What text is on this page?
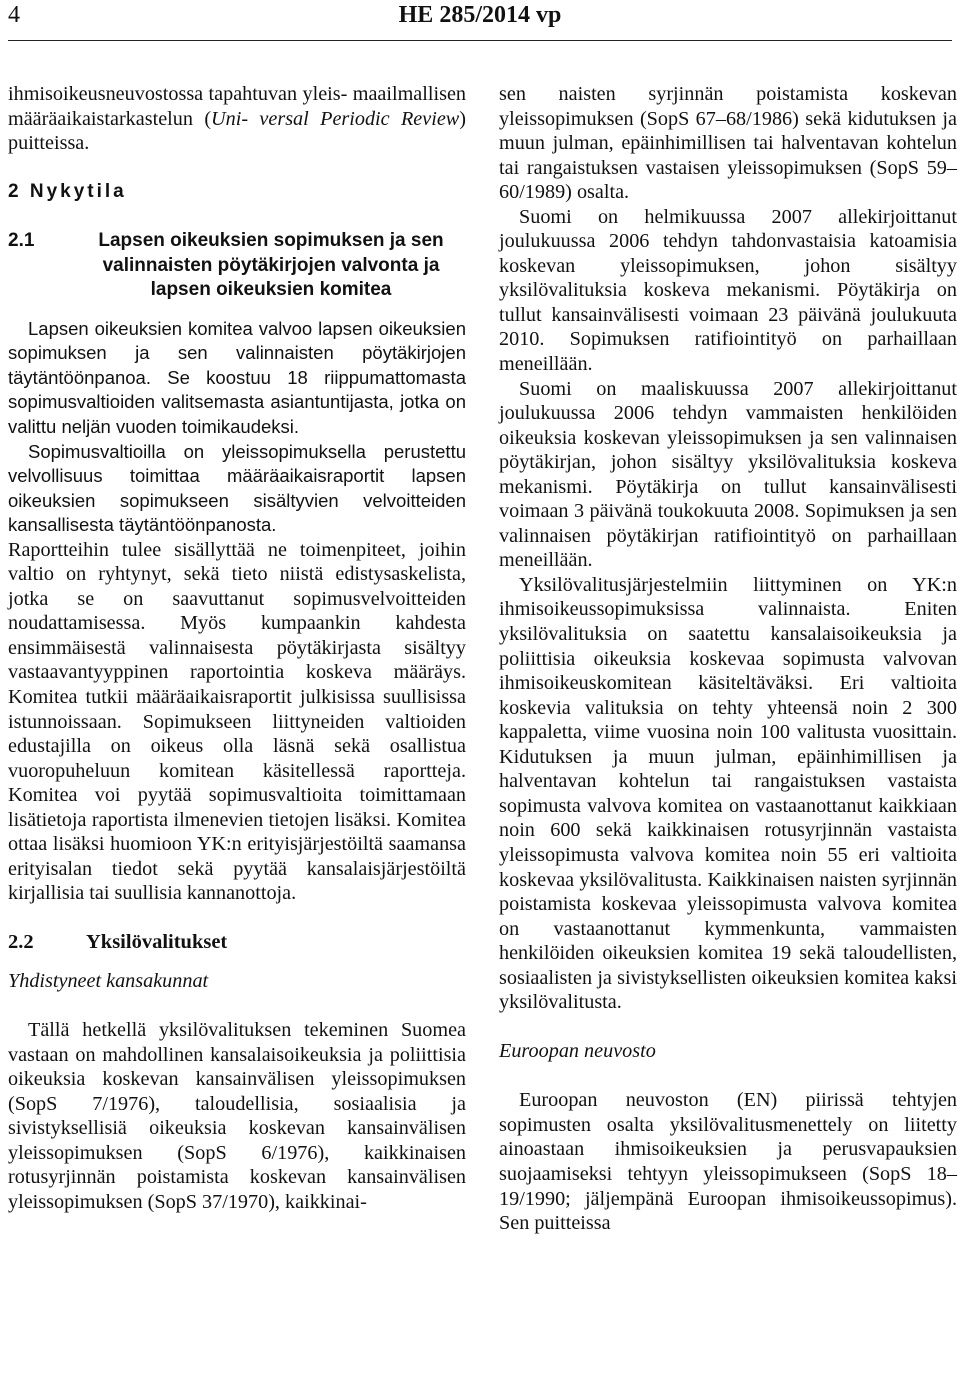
4	HE 285/2014 vp
ihmisoikeusneuvostossa tapahtuvan yleis- maailmallisen määräaikaistarkastelun (Uni- versal Periodic Review) puitteissa.
2 Nykytila
2.1	Lapsen oikeuksien sopimuksen ja sen valinnaisten pöytäkirjojen valvonta ja lapsen oikeuksien komitea

Lapsen oikeuksien komitea valvoo lapsen oikeuksien sopimuksen ja sen valinnaisten pöytäkirjojen täytäntöönpanoa. Se koostuu 18 riippumattomasta sopimusvaltioiden valitsemasta asiantuntijasta, jotka on valittu neljän vuoden toimikaudeksi.

Sopimusvaltioilla on yleissopimuksella perustettu velvollisuus toimittaa määräaikaisraportit lapsen oikeuksien sopimukseen sisältyvien velvoitteiden kansallisesta täytäntöönpanosta.

Raportteihin tulee sisällyttää ne toimenpiteet, joihin valtio on ryhtynyt, sekä tieto niistä edistysaskelista, jotka se on saavuttanut sopimusvelvoitteiden noudattamisessa. Myös kumpaankin kahdesta ensimmäisestä valinnaisesta pöytäkirjasta sisältyy vastaavantyyppinen raportointia koskeva määräys. Komitea tutkii määräaikaisraportit julkisissa suullisissa istunnoissaan. Sopimukseen liittyneiden valtioiden edustajilla on oikeus olla läsnä sekä osallistua vuoropuheluun komitean käsitellessä raportteja. Komitea voi pyytää sopimusvaltioita toimittamaan lisätietoja raportista ilmenevien tietojen lisäksi. Komitea ottaa lisäksi huomioon YK:n erityisjärjestöiltä saamansa erityisalan tiedot sekä pyytää kansalaisjärjestöiltä kirjallisia tai suullisia kannanottoja.

2.2	Yksilövalitukset
Yhdistyneet kansakunnat

Tällä hetkellä yksilövalituksen tekeminen Suomea vastaan on mahdollinen kansalaisoikeuksia ja poliittisia oikeuksia koskevan kansainvälisen yleissopimuksen (SopS 7/1976), taloudellisia, sosiaalisia ja sivistyksellisiä oikeuksia koskevan kansainvälisen yleissopimuksen (SopS 6/1976), kaikkinaisen rotusyrjinnän poistamista koskevan kansainvälisen yleissopimuksen (SopS 37/1970), kaikkinai-

sen naisten syrjinnän poistamista koskevan yleissopimuksen (SopS 67–68/1986) sekä kidutuksen ja muun julman, epäinhimillisen tai halventavan kohtelun tai rangaistuksen vastaisen yleissopimuksen (SopS 59–60/1989) osalta.

Suomi on helmikuussa 2007 allekirjoittanut joulukuussa 2006 tehdyn tahdonvastaisia katoamisia koskevan yleissopimuksen, johon sisältyy yksilövalituksia koskeva mekanismi. Pöytäkirja on tullut kansainvälisesti voimaan 23 päivänä joulukuuta 2010. Sopimuksen ratifiointityö on parhaillaan meneillään.

Suomi on maaliskuussa 2007 allekirjoittanut joulukuussa 2006 tehdyn vammaisten henkilöiden oikeuksia koskevan yleissopimuksen ja sen valinnaisen pöytäkirjan, johon sisältyy yksilövalituksia koskeva mekanismi. Pöytäkirja on tullut kansainvälisesti voimaan 3 päivänä toukokuuta 2008. Sopimuksen ja sen valinnaisen pöytäkirjan ratifiointityö on parhaillaan meneillään.

Yksilövalitusjärjestelmiin liittyminen on YK:n ihmisoikeussopimuksissa valinnaista. Eniten yksilövalituksia on saatettu kansalaisoikeuksia ja poliittisia oikeuksia koskevaa sopimusta valvovan ihmisoikeuskomitean käsiteltäväksi. Eri valtioita koskevia valituksia on tehty yhteensä noin 2 300 kappaletta, viime vuosina noin 100 valitusta vuosittain. Kidutuksen ja muun julman, epäinhimillisen ja halventavan kohtelun tai rangaistuksen vastaista sopimusta valvova komitea on vastaanottanut kaikkiaan noin 600 sekä kaikkinaisen rotusyrjinnän vastaista yleissopimusta valvova komitea noin 55 eri valtioita koskevaa yksilövalitusta. Kaikkinaisen naisten syrjinnän poistamista koskevaa yleissopimusta valvova komitea on vastaanottanut kymmenkunta, vammaisten henkilöiden oikeuksien komitea 19 sekä taloudellisten, sosiaalisten ja sivistyksellisten oikeuksien komitea kaksi yksilövalitusta.

Euroopan neuvosto

Euroopan neuvoston (EN) piirissä tehtyjen sopimusten osalta yksilövalitusmenettely on liitetty ainoastaan ihmisoikeuksien ja perusvapauksien suojaamiseksi tehtyyn yleissopimukseen (SopS 18–19/1990; jäljempänä Euroopan ihmisoikeussopimus). Sen puitteissa
